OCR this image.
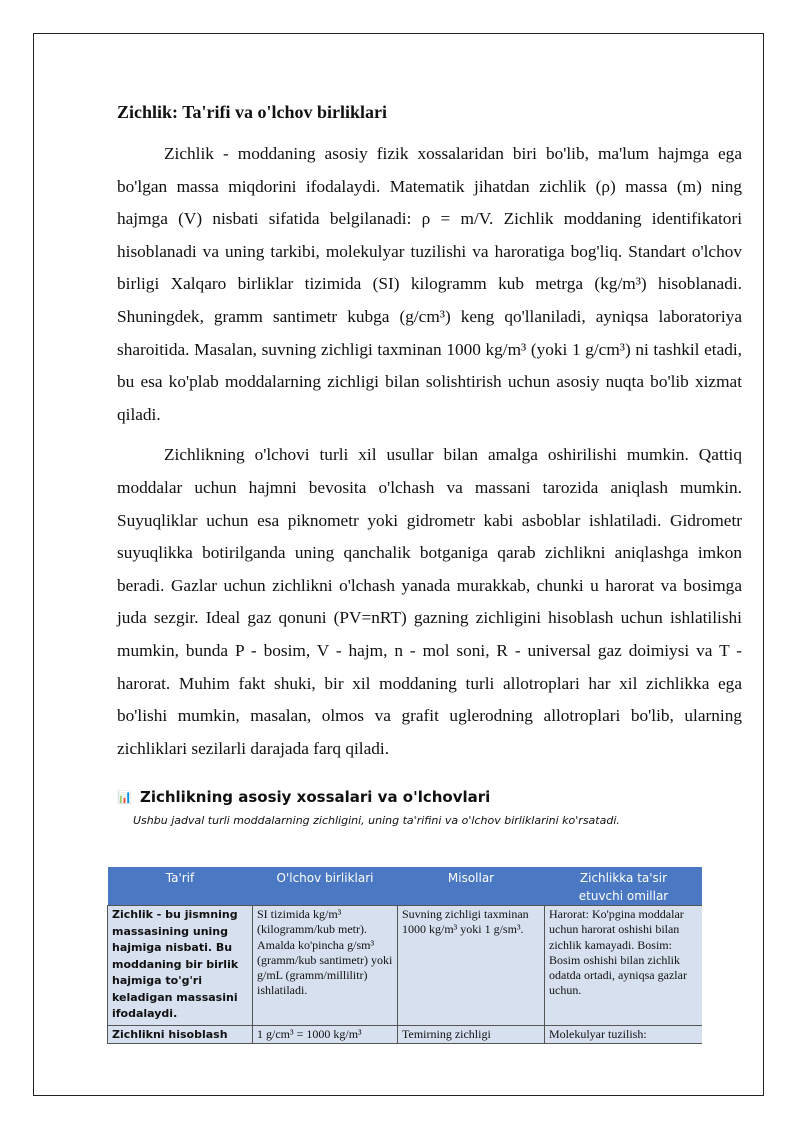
Zichlik: Ta'rifi va o'lchov birliklari

Zichlik - moddaning asosiy fizik xossalaridan biri bo'lib, ma'lum hajmga ega bo'lgan massa miqdorini ifodalaydi. Matematik jihatdan zichlik (ρ) massa (m) ning hajmga (V) nisbati sifatida belgilanadi: ρ = m/V. Zichlik moddaning identifikatori hisoblanadi va uning tarkibi, molekulyar tuzilishi va haroratiga bog'liq. Standart o'lchov birligi Xalqaro birliklar tizimida (SI) kilogramm kub metrga (kg/m³) hisoblanadi. Shuningdek, gramm santimetr kubga (g/cm³) keng qo'llaniladi, ayniqsa laboratoriya sharoitida. Masalan, suvning zichligi taxminan 1000 kg/m³ (yoki 1 g/cm³) ni tashkil etadi, bu esa ko'plab moddalarning zichligi bilan solishtirish uchun asosiy nuqta bo'lib xizmat qiladi.

Zichlikning o'lchovi turli xil usullar bilan amalga oshirilishi mumkin. Qattiq moddalar uchun hajmni bevosita o'lchash va massani tarozida aniqlash mumkin. Suyuqliklar uchun esa piknometr yoki gidrometr kabi asboblar ishlatiladi. Gidrometr suyuqlikka botirilganda uning qanchalik botganiga qarab zichlikni aniqlashga imkon beradi. Gazlar uchun zichlikni o'lchash yanada murakkab, chunki u harorat va bosimga juda sezgir. Ideal gaz qonuni (PV=nRT) gazning zichligini hisoblash uchun ishlatilishi mumkin, bunda P - bosim, V - hajm, n - mol soni, R - universal gaz doimiysi va T - harorat. Muhim fakt shuki, bir xil moddaning turli allotroplari har xil zichlikka ega bo'lishi mumkin, masalan, olmos va grafit uglerodning allotroplari bo'lib, ularning zichliklari sezilarli darajada farq qiladi.

📊 Zichlikning asosiy xossalari va o'lchovlari
Ushbu jadval turli moddalarning zichligini, uning ta'rifini va o'lchov birliklarini ko'rsatadi.
Ta'rif	O'lchov birliklari	Misollar	Zichlikka ta'sir etuvchi omillar
Zichlik - bu jismning massasining uning hajmiga nisbati. Bu moddaning bir birlik hajmiga to'g'ri keladigan massasini ifodalaydi.	SI tizimida kg/m³ (kilogramm/kub metr). Amalda ko'pincha g/sm³ (gramm/kub santimetr) yoki g/mL (gramm/millilitr) ishlatiladi.	Suvning zichligi taxminan 1000 kg/m³ yoki 1 g/sm³.	Harorat: Ko'pgina moddalar uchun harorat oshishi bilan zichlik kamayadi. Bosim: Bosim oshishi bilan zichlik odatda ortadi, ayniqsa gazlar uchun.
Zichlikni hisoblash	1 g/cm³ = 1000 kg/m³	Temirning zichligi	Molekulyar tuzilish:
